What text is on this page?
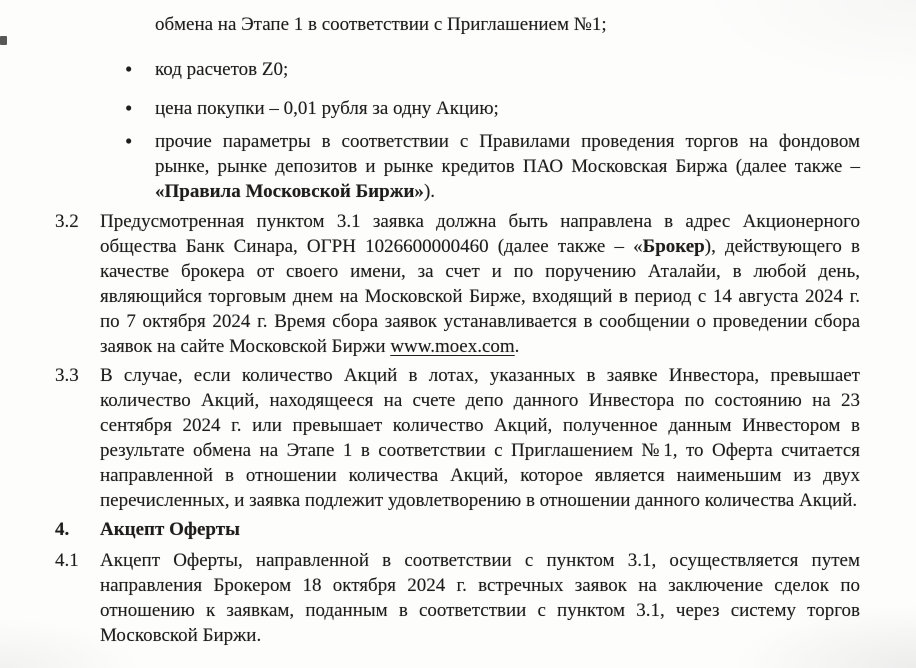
обмена на Этапе 1 в соответствии с Приглашением №1;
•	код расчетов Z0;
•	цена покупки – 0,01 рубля за одну Акцию;
•	прочие параметры в соответствии с Правилами проведения торгов на фондовом рынке, рынке депозитов и рынке кредитов ПАО Московская Биржа (далее также – «Правила Московской Биржи»).
3.2	Предусмотренная пунктом 3.1 заявка должна быть направлена в адрес Акционерного общества Банк Синара, ОГРН 1026600000460 (далее также – «Брокер), действующего в качестве брокера от своего имени, за счет и по поручению Аталайи, в любой день, являющийся торговым днем на Московской Бирже, входящий в период с 14 августа 2024 г. по 7 октября 2024 г. Время сбора заявок устанавливается в сообщении о проведении сбора заявок на сайте Московской Биржи www.moex.com.

3.3	В случае, если количество Акций в лотах, указанных в заявке Инвестора, превышает количество Акций, находящееся на счете депо данного Инвестора по состоянию на 23 сентября 2024 г. или превышает количество Акций, полученное данным Инвестором в результате обмена на Этапе 1 в соответствии с Приглашением №1, то Оферта считается направленной в отношении количества Акций, которое является наименьшим из двух перечисленных, и заявка подлежит удовлетворению в отношении данного количества Акций.

4.	Акцепт Оферты

4.1	Акцепт Оферты, направленной в соответствии с пунктом 3.1, осуществляется путем направления Брокером 18 октября 2024 г. встречных заявок на заключение сделок по отношению к заявкам, поданным в соответствии с пунктом 3.1, через систему торгов Московской Биржи.
